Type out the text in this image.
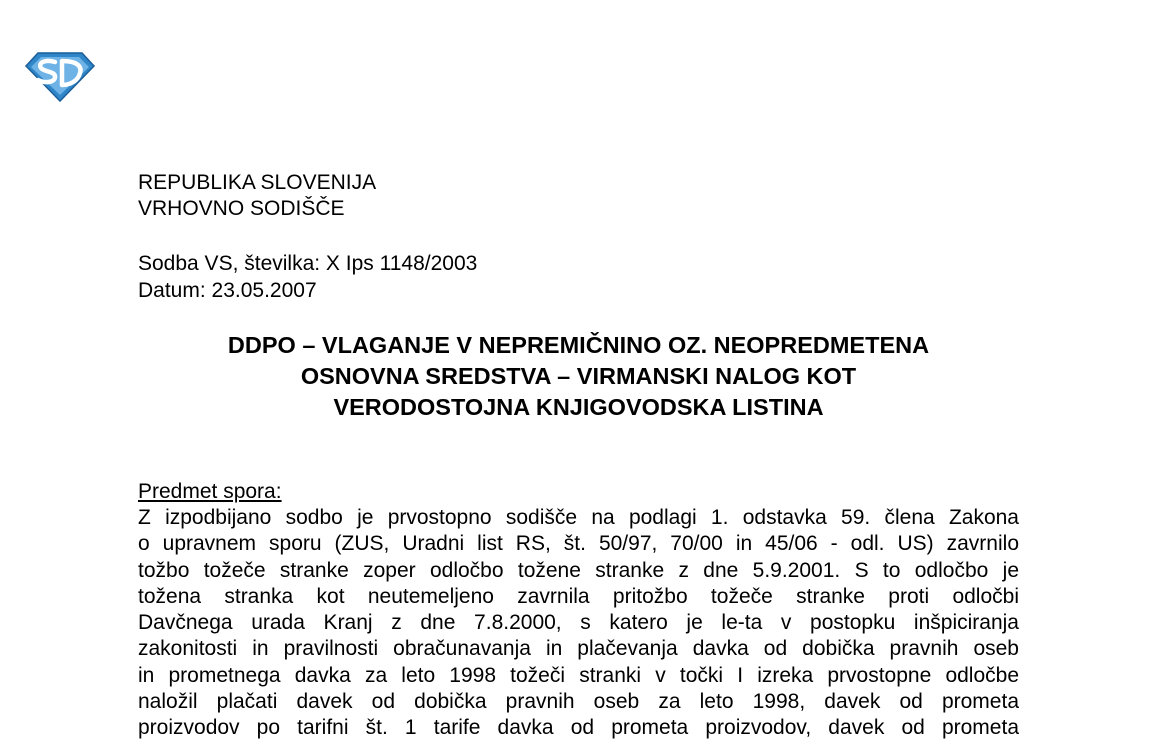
REPUBLIKA SLOVENIJA
VRHOVNO SODIŠČE
Sodba VS, številka: X Ips 1148/2003
Datum: 23.05.2007
DDPO – VLAGANJE V NEPREMIČNINO OZ. NEOPREDMETENA
OSNOVNA SREDSTVA – VIRMANSKI NALOG KOT
VERODOSTOJNA KNJIGOVODSKA LISTINA
Predmet spora:
Z izpodbijano sodbo je prvostopno sodišče na podlagi 1. odstavka 59. člena Zakona
o upravnem sporu (ZUS, Uradni list RS, št. 50/97, 70/00 in 45/06 - odl. US) zavrnilo
tožbo tožeče stranke zoper odločbo tožene stranke z dne 5.9.2001. S to odločbo je
tožena stranka kot neutemeljeno zavrnila pritožbo tožeče stranke proti odločbi
Davčnega urada Kranj z dne 7.8.2000, s katero je le-ta v postopku inšpiciranja
zakonitosti in pravilnosti obračunavanja in plačevanja davka od dobička pravnih oseb
in prometnega davka za leto 1998 tožeči stranki v točki I izreka prvostopne odločbe
naložil plačati davek od dobička pravnih oseb za leto 1998, davek od prometa
proizvodov po tarifni št. 1 tarife davka od prometa proizvodov, davek od prometa
